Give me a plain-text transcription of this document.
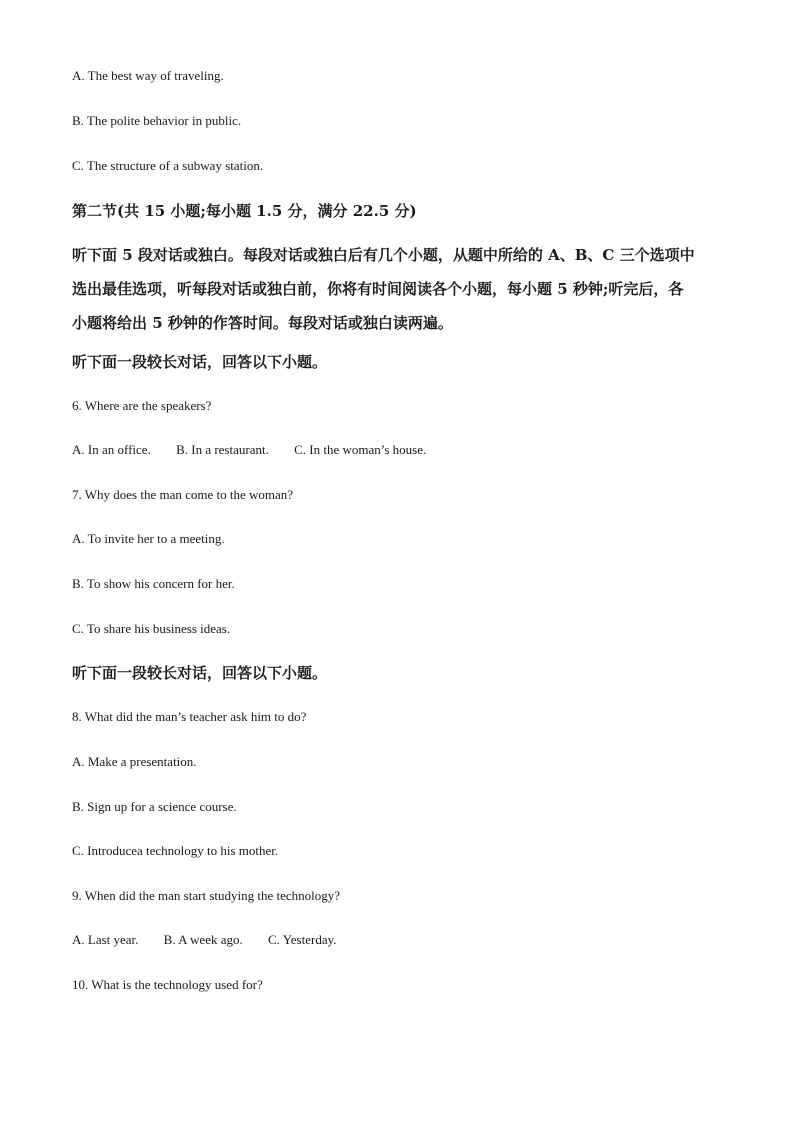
A. The best way of traveling.
B. The polite behavior in public.
C. The structure of a subway station.
第二节(共 15 小题;每小题 1.5 分，满分 22.5 分)
听下面 5 段对话或独白。每段对话或独白后有几个小题，从题中所给的 A、B、C 三个选项中
选出最佳选项，听每段对话或独白前，你将有时间阅读各个小题，每小题 5 秒钟;听完后，各
小题将给出 5 秒钟的作答时间。每段对话或独白读两遍。
听下面一段较长对话，回答以下小题。
6. Where are the speakers?
A. In an office. B. In a restaurant. C. In the woman’s house.
7. Why does the man come to the woman?
A. To invite her to a meeting.
B. To show his concern for her.
C. To share his business ideas.
听下面一段较长对话，回答以下小题。
8. What did the man’s teacher ask him to do?
A. Make a presentation.
B. Sign up for a science course.
C. Introducea technology to his mother.
9. When did the man start studying the technology?
A. Last year. B. A week ago. C. Yesterday.
10. What is the technology used for?
